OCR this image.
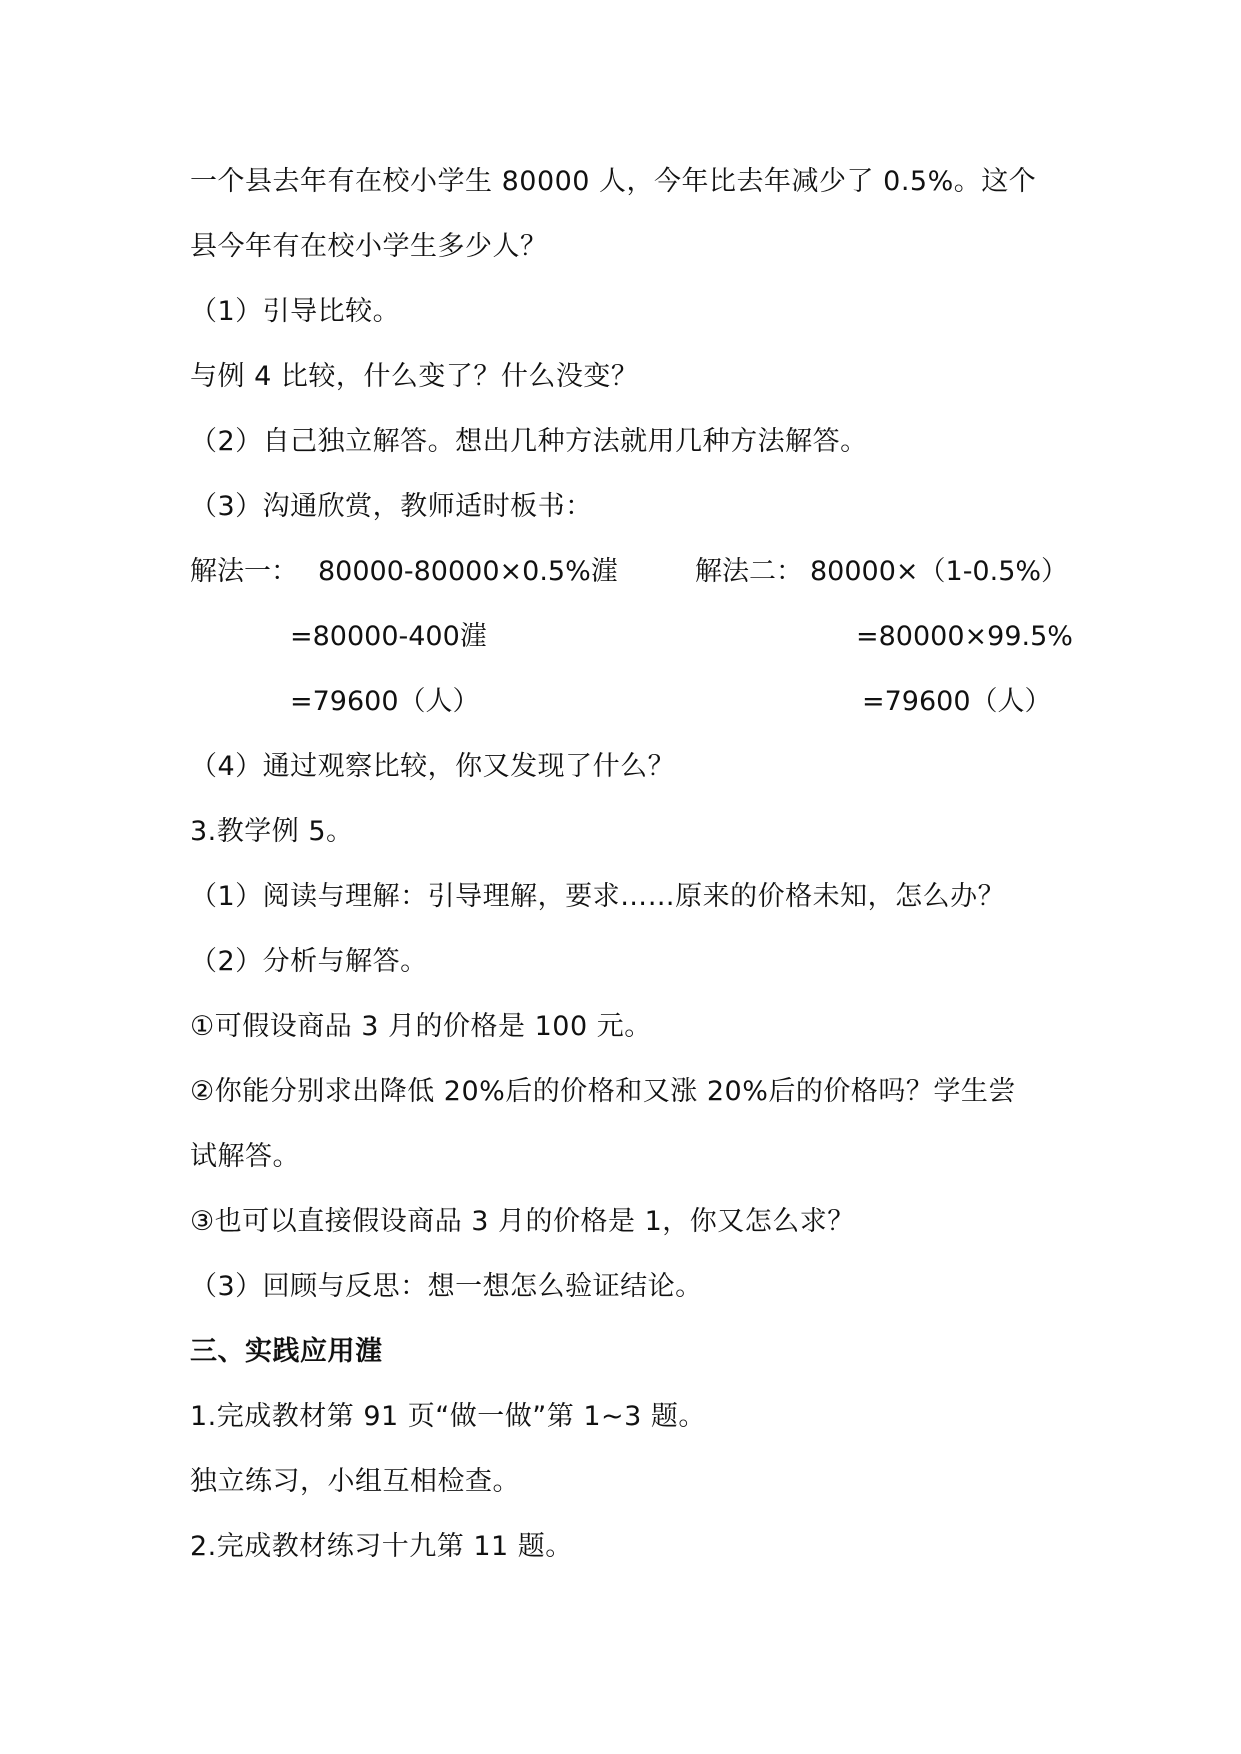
一个县去年有在校小学生 80000 人，今年比去年减少了 0.5%。这个
县今年有在校小学生多少人？
（1）引导比较。
与例 4 比较，什么变了？什么没变？
（2）自己独立解答。想出几种方法就用几种方法解答。
（3）沟通欣赏，教师适时板书：
解法一： 80000-80000×0.5%漄
=80000-400漄
=79600（人）
解法二： 80000×（1-0.5%）
=80000×99.5%
=79600（人）
（4）通过观察比较，你又发现了什么？
3.教学例 5。
（1）阅读与理解：引导理解，要求……原来的价格未知，怎么办？
（2）分析与解答。
①可假设商品 3 月的价格是 100 元。
②你能分别求出降低 20%后的价格和又涨 20%后的价格吗？学生尝
试解答。
③也可以直接假设商品 3 月的价格是 1，你又怎么求？
（3）回顾与反思：想一想怎么验证结论。
三、实践应用漄
1.完成教材第 91 页“做一做”第 1~3 题。
独立练习，小组互相检查。
2.完成教材练习十九第 11 题。
